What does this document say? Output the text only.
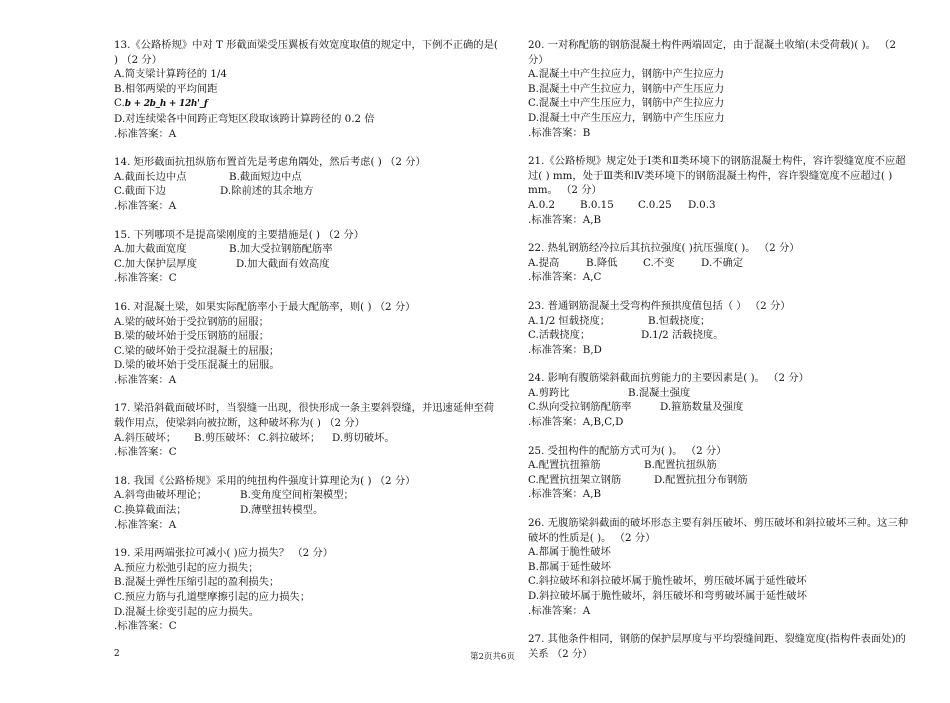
13.《公路桥规》中对 T 形截面梁受压翼板有效宽度取值的规定中，下例不正确的是( ) （2 分）
A.简支梁计算跨径的 1/4
B.相邻两梁的平均间距
C.b + 2b_h + 12h'_f
D.对连续梁各中间跨正弯矩区段取该跨计算跨径的 0.2 倍
.标准答案：A
14. 矩形截面抗扭纵筋布置首先是考虑角隅处，然后考虑( ) （2 分）
A.截面长边中点	B.截面短边中点
C.截面下边	D.除前述的其余地方
.标准答案：A
15. 下列哪项不是提高梁刚度的主要措施是( ) （2 分）
A.加大截面宽度	B.加大受拉钢筋配筋率
C.加大保护层厚度	D.加大截面有效高度
.标准答案：C
16. 对混凝土梁，如果实际配筋率小于最大配筋率，则( ) （2 分）
A.梁的破坏始于受拉钢筋的屈服；
B.梁的破坏始于受压钢筋的屈服；
C.梁的破坏始于受拉混凝土的屈服；
D.梁的破坏始于受压混凝土的屈服。
.标准答案：A
17. 梁沿斜截面破坏时，当裂缝一出现，很快形成一条主要斜裂缝，并迅速延伸至荷载作用点，使梁斜向被拉断，这种破坏称为( ) （2 分）
A.斜压破坏； B.剪压破坏： C.斜拉破坏； D.剪切破坏。
.标准答案：C
18. 我国《公路桥规》采用的纯扭构件强度计算理论为( ) （2 分）
A.斜弯曲破坏理论；	B.变角度空间桁架模型；
C.换算截面法；	D.薄壁扭转模型。
.标准答案：A
19. 采用两端张拉可减小( )应力损失？ （2 分）
A.预应力松弛引起的应力损失；
B.混凝土弹性压缩引起的盈利损失；
C.预应力筋与孔道壁摩擦引起的应力损失；
D.混凝土徐变引起的应力损失。
.标准答案：C
20. 一对称配筋的钢筋混凝土构件两端固定，由于混凝土收缩(未受荷载)( )。 （2 分）
A.混凝土中产生拉应力，钢筋中产生拉应力
B.混凝土中产生拉应力，钢筋中产生压应力
C.混凝土中产生压应力，钢筋中产生拉应力
D.混凝土中产生压应力，钢筋中产生压应力
.标准答案：B
21.《公路桥规》规定处于Ⅰ类和Ⅱ类环境下的钢筋混凝土构件，容许裂缝宽度不应超过( ) mm，处于Ⅲ类和Ⅳ类环境下的钢筋混凝土构件，容许裂缝宽度不应超过( ) mm。 （2 分）
A.0.2 B.0.15 C.0.25 D.0.3
.标准答案：A,B
22. 热轧钢筋经冷拉后其抗拉强度( )抗压强度( )。 （2 分）
A.提高	B.降低 C.不变	D.不确定
.标准答案：A,C
23. 普通钢筋混凝土受弯构件预拱度值包括（ ） （2 分）
A.1/2 恒载挠度；	B.恒载挠度；
C.活载挠度；	D.1/2 活载挠度。
.标准答案：B,D
24. 影响有腹筋梁斜截面抗剪能力的主要因素是( )。 （2 分）
A.剪跨比	B.混凝土强度
C.纵向受拉钢筋配筋率	D.箍筋数量及强度
.标准答案：A,B,C,D
25. 受扭构件的配筋方式可为( )。 （2 分）
A.配置抗扭箍筋	B.配置抗扭纵筋
C.配置抗扭架立钢筋	D.配置抗扭分布钢筋
.标准答案：A,B
26. 无腹筋梁斜截面的破坏形态主要有斜压破坏、剪压破坏和斜拉破坏三种。这三种破坏的性质是( )。 （2 分）
A.都属于脆性破坏
B.都属于延性破坏
C.斜拉破坏和斜拉破坏属于脆性破坏，剪压破坏属于延性破坏
D.斜拉破坏属于脆性破坏，斜压破坏和弯剪破坏属于延性破坏
.标准答案：A
27. 其他条件相同，钢筋的保护层厚度与平均裂缝间距、裂缝宽度(指构件表面处)的关系 （2 分）
2	第2页共6页
